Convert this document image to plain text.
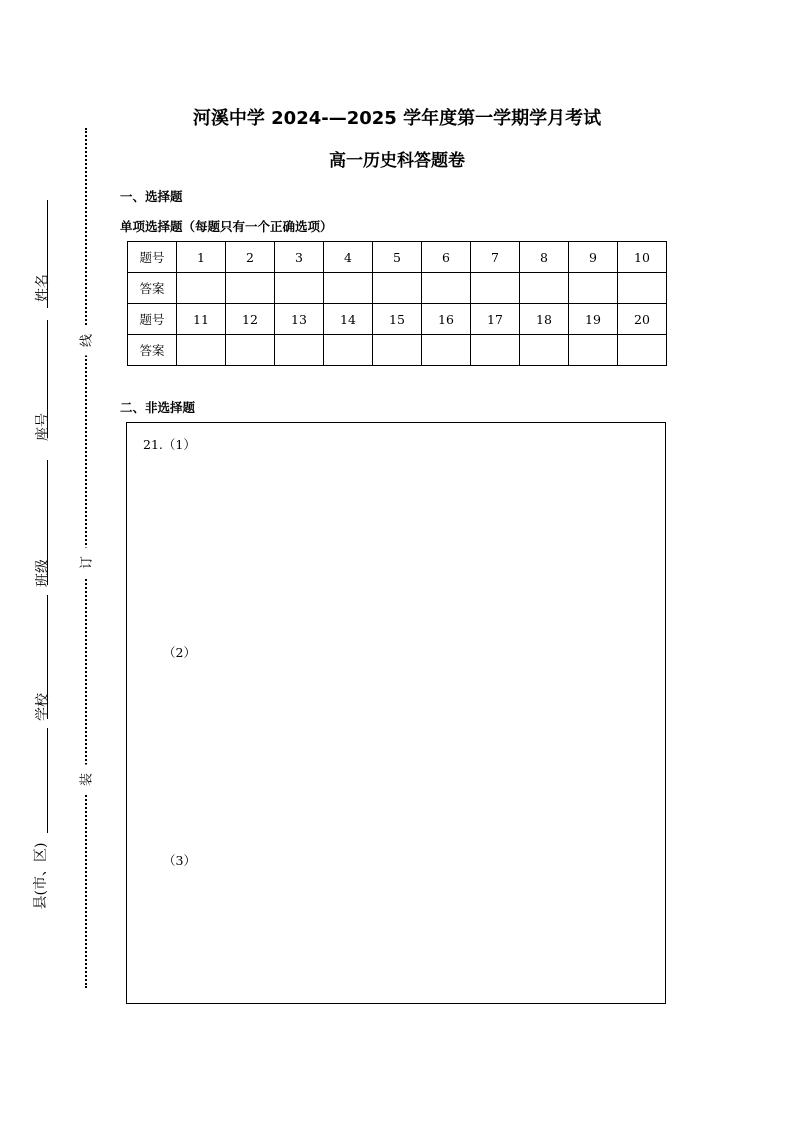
姓名
座号
班级
学校
县(市、区)
线
订
装
河溪中学 2024-—2025 学年度第一学期学月考试
高一历史科答题卷
一、选择题
单项选择题（每题只有一个正确选项）
题号	1	2	3	4	5	6	7	8	9	10
答案										
题号	11	12	13	14	15	16	17	18	19	20
答案										
二、非选择题
21.（1）
（2）
（3）
